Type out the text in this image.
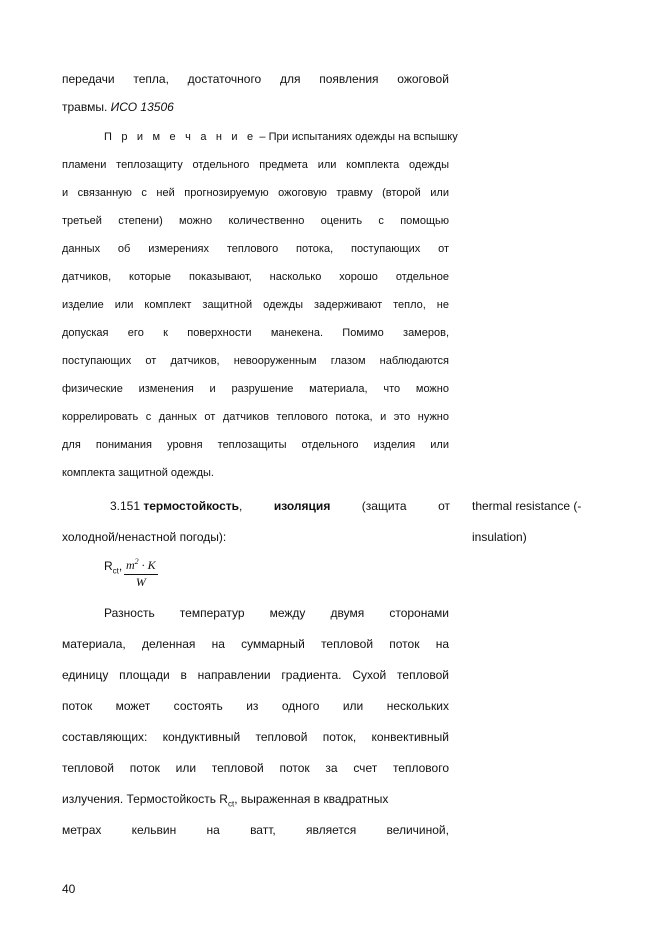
передачи тепла, достаточного для появления ожоговой
травмы. ИСО 13506
П р и м е ч а н и е – При испытаниях одежды на вспышку
пламени теплозащиту отдельного предмета или комплекта одежды
и связанную с ней прогнозируемую ожоговую травму (второй или
третьей степени) можно количественно оценить с помощью
данных об измерениях теплового потока, поступающих от
датчиков, которые показывают, насколько хорошо отдельное
изделие или комплект защитной одежды задерживают тепло, не
допуская его к поверхности манекена. Помимо замеров,
поступающих от датчиков, невооруженным глазом наблюдаются
физические изменения и разрушение материала, что можно
коррелировать с данных от датчиков теплового потока, и это нужно
для понимания уровня теплозащиты отдельного изделия или
комплекта защитной одежды.
3.151 термостойкость,	изоляция	(защита	от
холодной/ненастной погоды):
thermal resistance (-
insulation)
$R_{ct}$, $\frac{m^2 \cdot K}{W}$
Разность температур между двумя сторонами
материала, деленная на суммарный тепловой поток на
единицу площади в направлении градиента. Сухой тепловой
поток может состоять из одного или нескольких
составляющих: кондуктивный тепловой поток, конвективный
тепловой поток или тепловой поток за счет теплового
излучения. Термостойкость $R_{ct}$, выраженная в квадратных
метрах	кельвин	на	ватт,	является	величиной,
40
